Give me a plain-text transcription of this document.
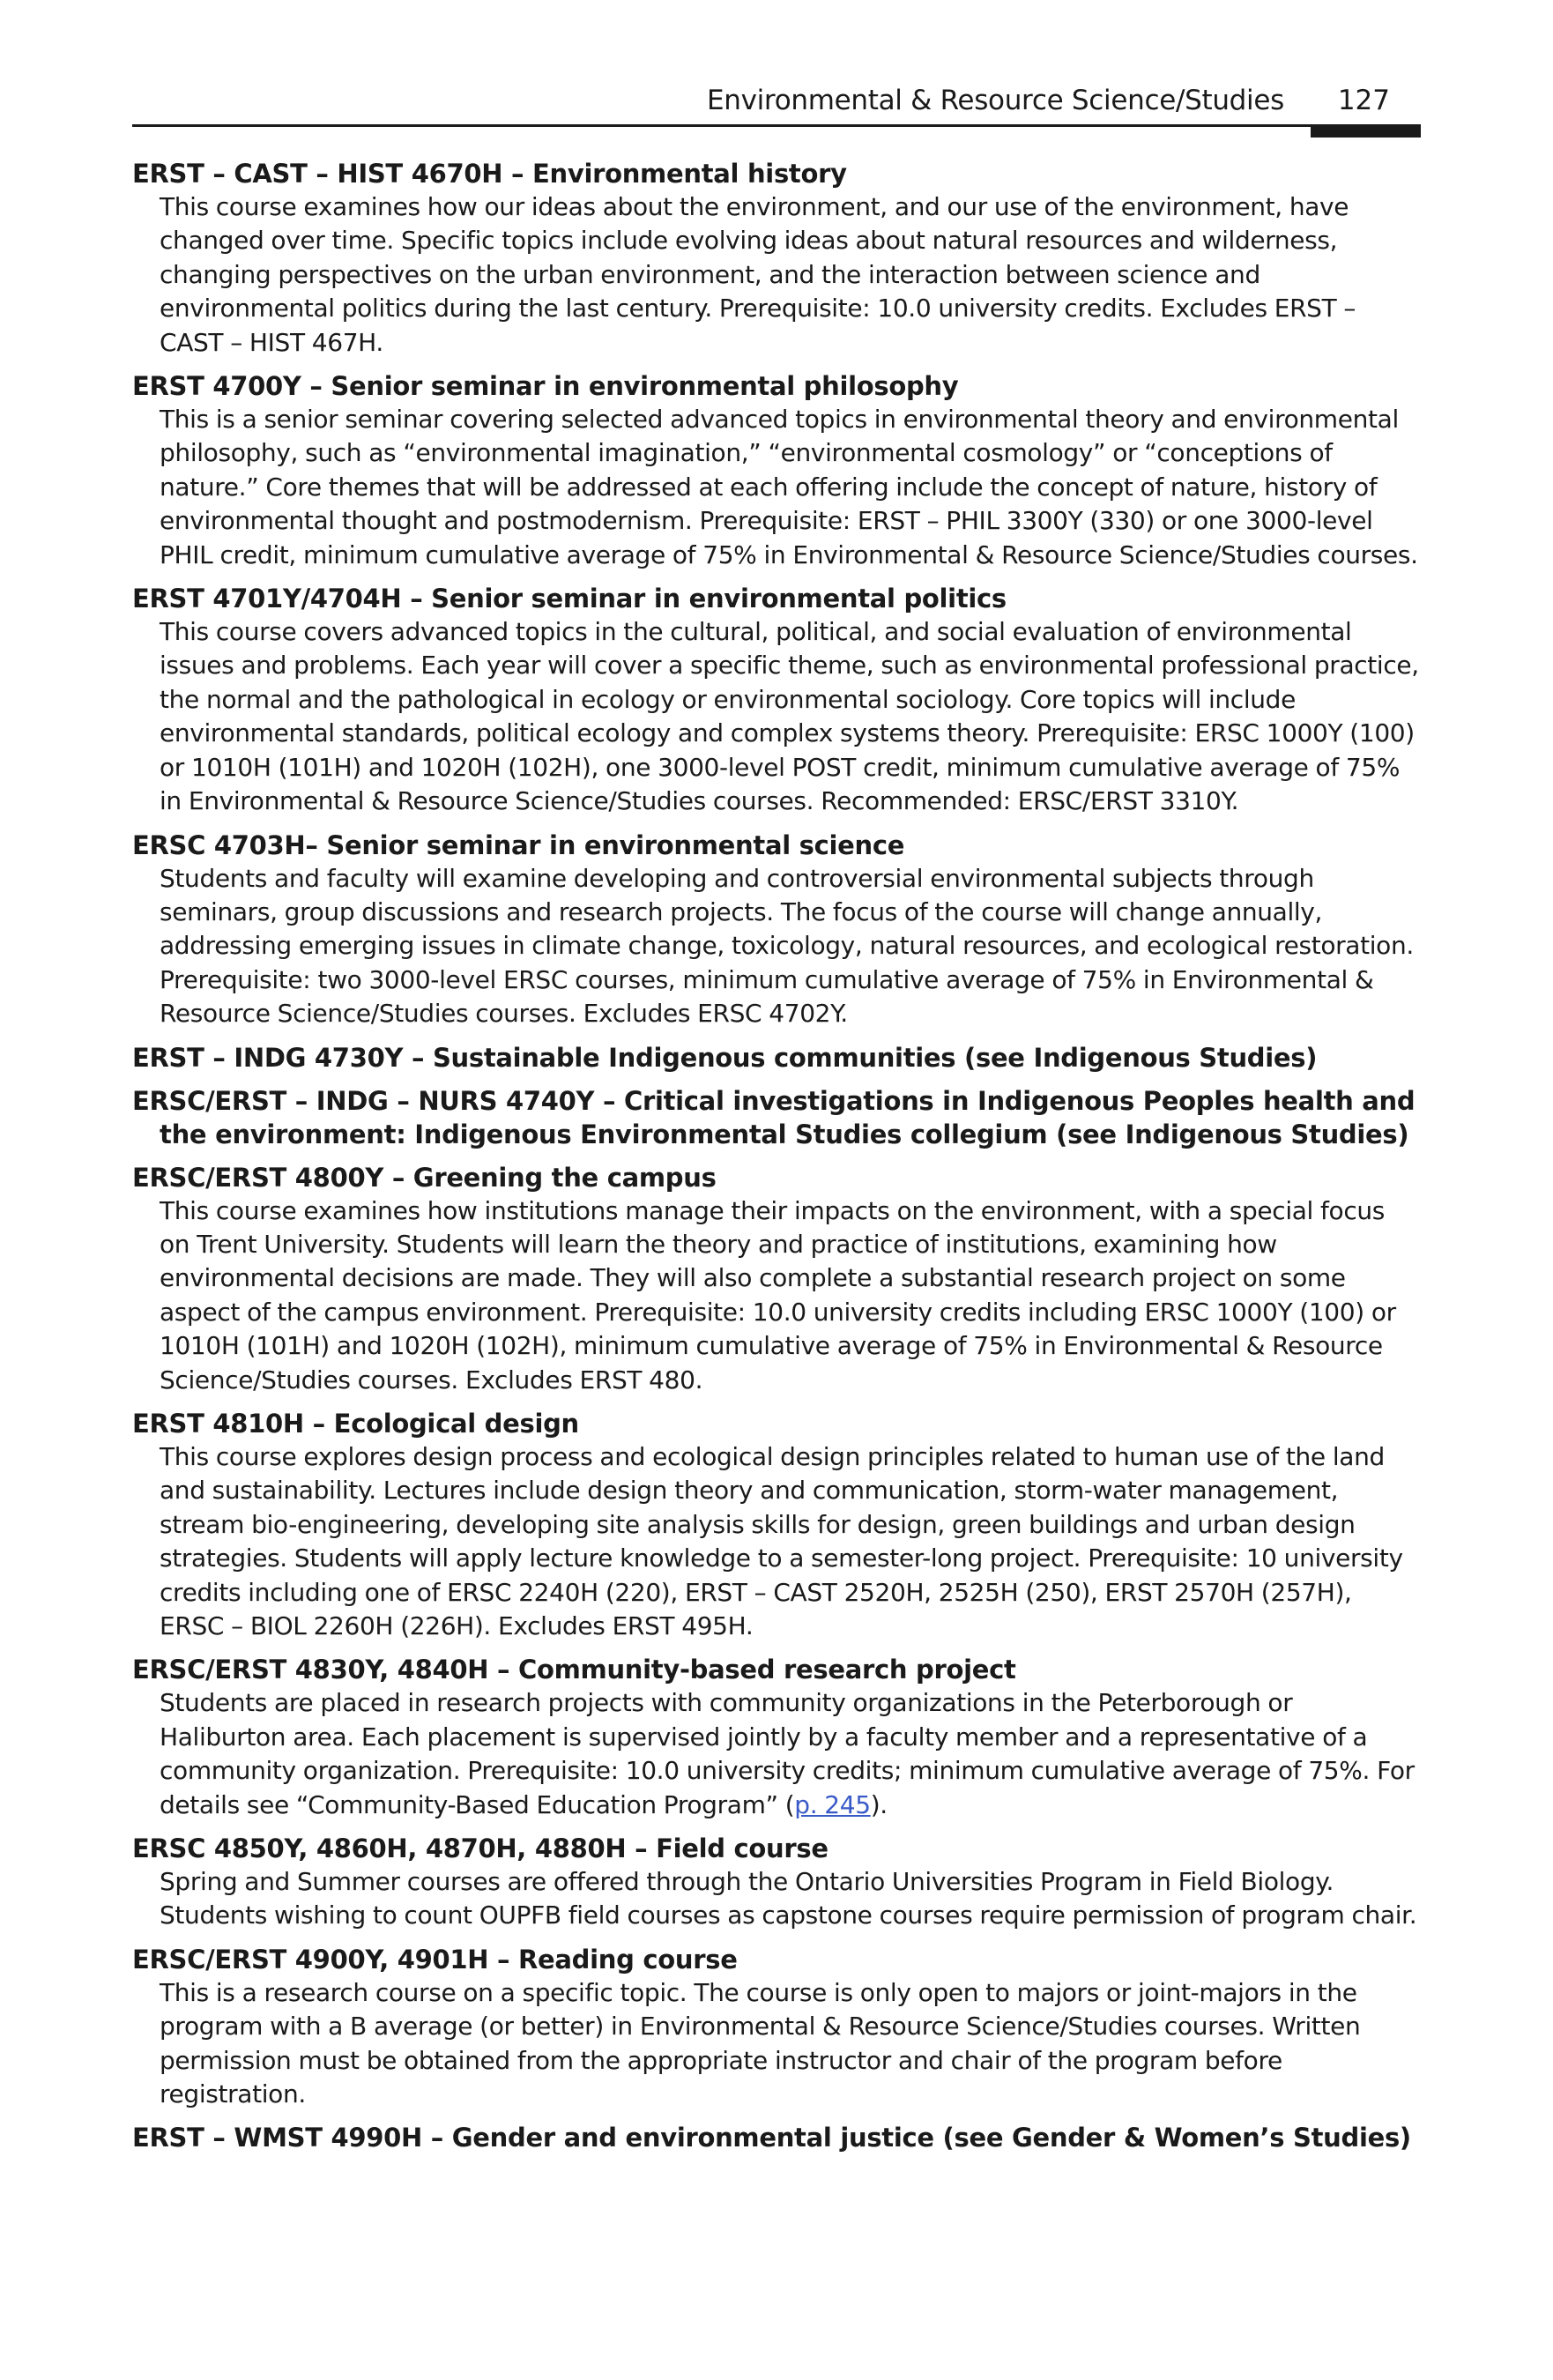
Environmental & Resource Science/Studies 127

ERST – CAST – HIST 4670H – Environmental history

This course examines how our ideas about the environment, and our use of the environment, have changed over time. Specific topics include evolving ideas about natural resources and wilderness, changing perspectives on the urban environment, and the interaction between science and environmental politics during the last century. Prerequisite: 10.0 university credits. Excludes ERST – CAST – HIST 467H.

ERST 4700Y – Senior seminar in environmental philosophy

This is a senior seminar covering selected advanced topics in environmental theory and environmental philosophy, such as “environmental imagination,” “environmental cosmology” or “conceptions of nature.” Core themes that will be addressed at each offering include the concept of nature, history of environmental thought and postmodernism. Prerequisite: ERST – PHIL 3300Y (330) or one 3000-level PHIL credit, minimum cumulative average of 75% in Environmental & Resource Science/Studies courses.

ERST 4701Y/4704H – Senior seminar in environmental politics

This course covers advanced topics in the cultural, political, and social evaluation of environmental issues and problems. Each year will cover a specific theme, such as environmental professional practice, the normal and the pathological in ecology or environmental sociology. Core topics will include environmental standards, political ecology and complex systems theory. Prerequisite: ERSC 1000Y (100) or 1010H (101H) and 1020H (102H), one 3000-level POST credit, minimum cumulative average of 75% in Environmental & Resource Science/Studies courses. Recommended: ERSC/ERST 3310Y.

ERSC 4703H– Senior seminar in environmental science

Students and faculty will examine developing and controversial environmental subjects through seminars, group discussions and research projects. The focus of the course will change annually, addressing emerging issues in climate change, toxicology, natural resources, and ecological restoration. Prerequisite: two 3000-level ERSC courses, minimum cumulative average of 75% in Environmental & Resource Science/Studies courses. Excludes ERSC 4702Y.

ERST – INDG 4730Y – Sustainable Indigenous communities (see Indigenous Studies)

ERSC/ERST – INDG – NURS 4740Y – Critical investigations in Indigenous Peoples health and the environment: Indigenous Environmental Studies collegium (see Indigenous Studies)

ERSC/ERST 4800Y – Greening the campus

This course examines how institutions manage their impacts on the environment, with a special focus on Trent University. Students will learn the theory and practice of institutions, examining how environmental decisions are made. They will also complete a substantial research project on some aspect of the campus environment. Prerequisite: 10.0 university credits including ERSC 1000Y (100) or 1010H (101H) and 1020H (102H), minimum cumulative average of 75% in Environmental & Resource Science/Studies courses. Excludes ERST 480.

ERST 4810H – Ecological design

This course explores design process and ecological design principles related to human use of the land and sustainability. Lectures include design theory and communication, storm-water management, stream bio-engineering, developing site analysis skills for design, green buildings and urban design strategies. Students will apply lecture knowledge to a semester-long project. Prerequisite: 10 university credits including one of ERSC 2240H (220), ERST – CAST 2520H, 2525H (250), ERST 2570H (257H), ERSC – BIOL 2260H (226H). Excludes ERST 495H.

ERSC/ERST 4830Y, 4840H – Community-based research project

Students are placed in research projects with community organizations in the Peterborough or Haliburton area. Each placement is supervised jointly by a faculty member and a representative of a community organization. Prerequisite: 10.0 university credits; minimum cumulative average of 75%. For details see “Community-Based Education Program” (p. 245).

ERSC 4850Y, 4860H, 4870H, 4880H – Field course

Spring and Summer courses are offered through the Ontario Universities Program in Field Biology. Students wishing to count OUPFB field courses as capstone courses require permission of program chair.

ERSC/ERST 4900Y, 4901H – Reading course

This is a research course on a specific topic. The course is only open to majors or joint-majors in the program with a B average (or better) in Environmental & Resource Science/Studies courses. Written permission must be obtained from the appropriate instructor and chair of the program before registration.

ERST – WMST 4990H – Gender and environmental justice (see Gender & Women’s Studies)
